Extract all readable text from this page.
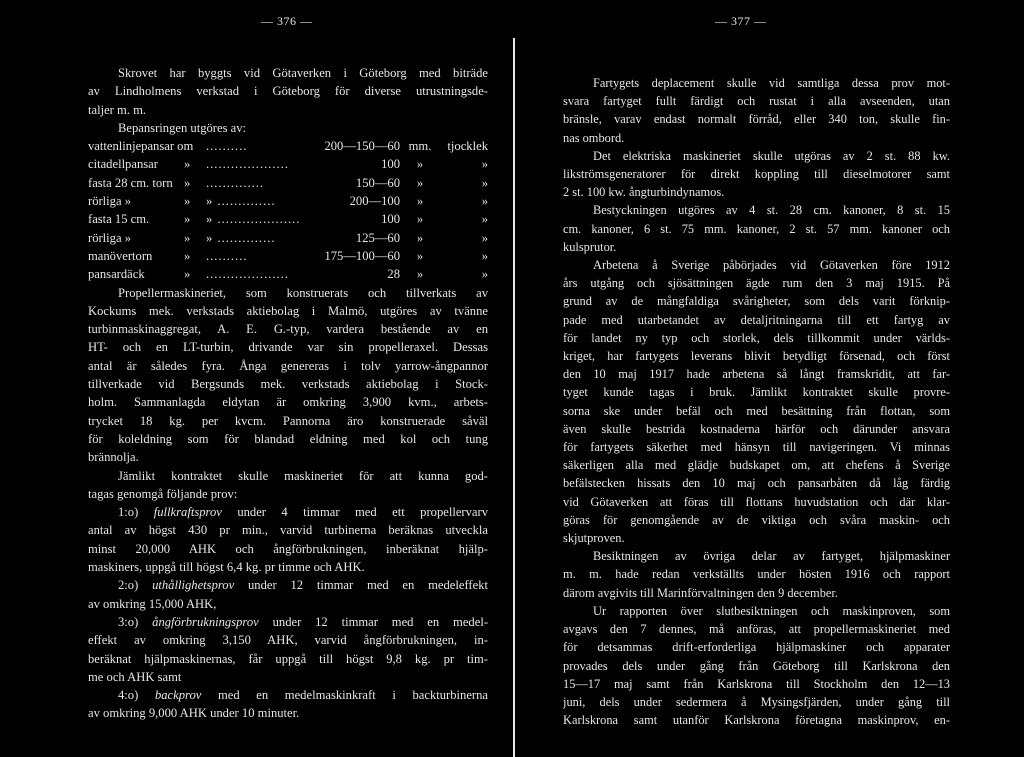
— 376 —
Skrovet har byggts vid Götaverken i Göteborg med biträde
av Lindholmens verkstad i Göteborg för diverse utrustningsde-
taljer m. m.
Bepansringen utgöres av:
vattenlinjepansar om ..........	200—150—60 mm.	tjocklek
citadellpansar	»	....................	100	»	»
fasta 28 cm. torn »	..............	150—60	»	»
rörliga »	»	» ..............	200—100	»	»
fasta 15 cm.	»	» ....................	100	»	»
rörliga »	»	» ..............	125—60	»	»
manövertorn	»	..........	175—100—60	»	»
pansardäck	»	....................	28	»	»
Propellermaskineriet, som konstruerats och tillverkats av
Kockums mek. verkstads aktiebolag i Malmö, utgöres av tvänne
turbinmaskinaggregat, A. E. G.-typ, vardera bestående av en
HT- och en LT-turbin, drivande var sin propelleraxel. Dessas
antal är således fyra. Ånga genereras i tolv yarrow-ångpannor
tillverkade vid Bergsunds mek. verkstads aktiebolag i Stock-
holm. Sammanlagda eldytan är omkring 3,900 kvm., arbets-
trycket 18 kg. per kvcm. Pannorna äro konstruerade såväl
för koleldning som för blandad eldning med kol och tung
brännolja.
Jämlikt kontraktet skulle maskineriet för att kunna god-
tagas genomgå följande prov:
1:o) fullkraftsprov under 4 timmar med ett propellervarv
antal av högst 430 pr min., varvid turbinerna beräknas utveckla
minst 20,000 AHK och ångförbrukningen, inberäknat hjälp-
maskiners, uppgå till högst 6,4 kg. pr timme och AHK.
2:o) uthållighetsprov under 12 timmar med en medeleffekt
av omkring 15,000 AHK,
3:o) ångförbrukningsprov under 12 timmar med en medel-
effekt av omkring 3,150 AHK, varvid ångförbrukningen, in-
beräknat hjälpmaskinernas, får uppgå till högst 9,8 kg. pr tim-
me och AHK samt
4:o) backprov med en medelmaskinkraft i backturbinerna
av omkring 9,000 AHK under 10 minuter.
— 377 —
Fartygets deplacement skulle vid samtliga dessa prov mot-
svara fartyget fullt färdigt och rustat i alla avseenden, utan
bränsle, varav endast normalt förråd, eller 340 ton, skulle fin-
nas ombord.
Det elektriska maskineriet skulle utgöras av 2 st. 88 kw.
likströmsgeneratorer för direkt koppling till dieselmotorer samt
2 st. 100 kw. ångturbindynamos.
Bestyckningen utgöres av 4 st. 28 cm. kanoner, 8 st. 15
cm. kanoner, 6 st. 75 mm. kanoner, 2 st. 57 mm. kanoner och
kulsprutor.
Arbetena å Sverige påbörjades vid Götaverken före 1912
års utgång och sjösättningen ägde rum den 3 maj 1915. På
grund av de mångfaldiga svårigheter, som dels varit förknip-
pade med utarbetandet av detaljritningarna till ett fartyg av
för landet ny typ och storlek, dels tillkommit under världs-
kriget, har fartygets leverans blivit betydligt försenad, och först
den 10 maj 1917 hade arbetena så långt framskridit, att far-
tyget kunde tagas i bruk. Jämlikt kontraktet skulle provre-
sorna ske under befäl och med besättning från flottan, som
även skulle bestrida kostnaderna härför och därunder ansvara
för fartygets säkerhet med hänsyn till navigeringen. Vi minnas
säkerligen alla med glädje budskapet om, att chefens å Sverige
befälstecken hissats den 10 maj och pansarbåten då låg färdig
vid Götaverken att föras till flottans huvudstation och där klar-
göras för genomgående av de viktiga och svåra maskin- och
skjutproven.
Besiktningen av övriga delar av fartyget, hjälpmaskiner
m. m. hade redan verkställts under hösten 1916 och rapport
därom avgivits till Marinförvaltningen den 9 december.
Ur rapporten över slutbesiktningen och maskinproven, som
avgavs den 7 dennes, må anföras, att propellermaskineriet med
för detsammas drift-erforderliga hjälpmaskiner och apparater
provades dels under gång från Göteborg till Karlskrona den
15—17 maj samt från Karlskrona till Stockholm den 12—13
juni, dels under sedermera å Mysingsfjärden, under gång till
Karlskrona samt utanför Karlskrona företagna maskinprov, en-
